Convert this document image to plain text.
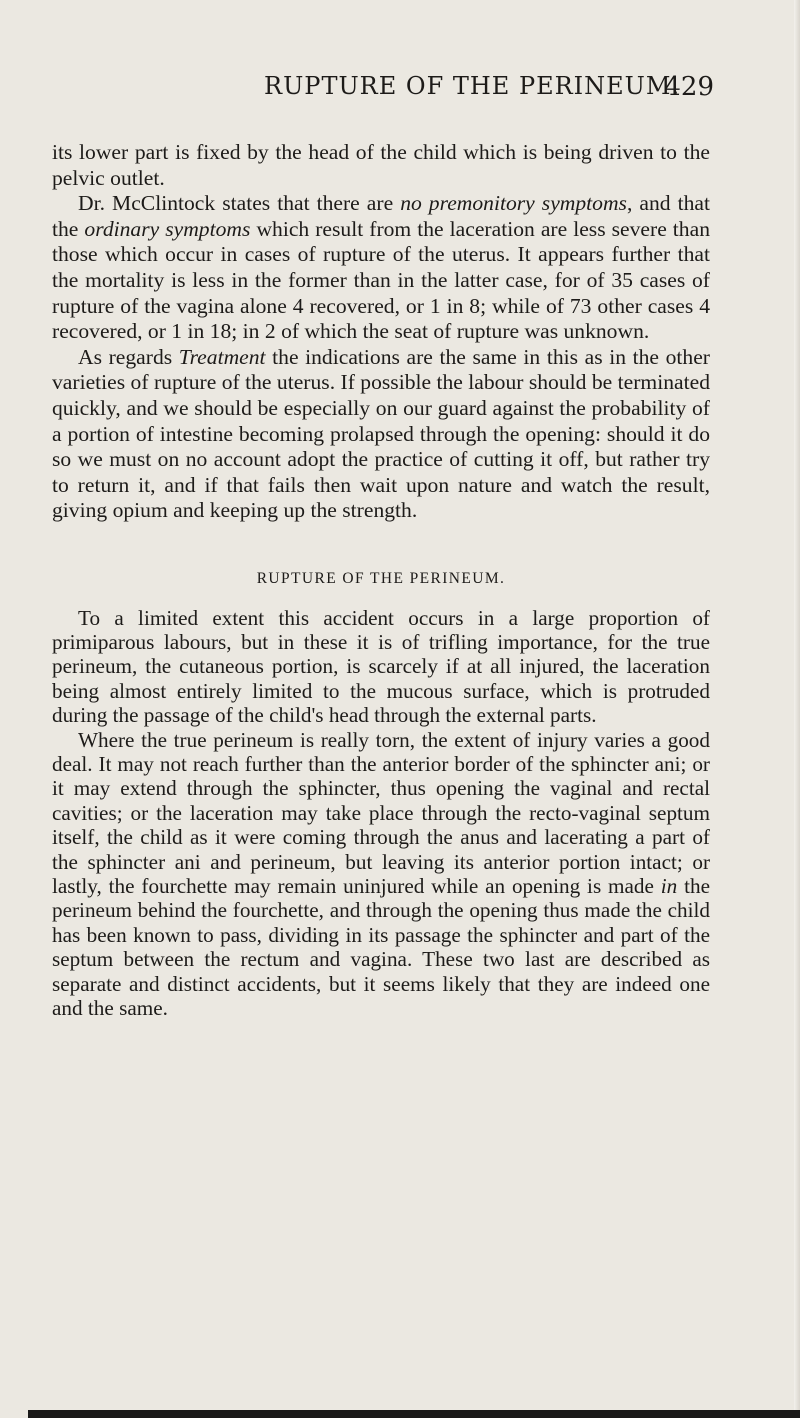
RUPTURE OF THE PERINEUM.
429

its lower part is fixed by the head of the child which is being driven to the pelvic outlet.

Dr. McClintock states that there are no premonitory symptoms, and that the ordinary symptoms which result from the laceration are less severe than those which occur in cases of rupture of the uterus. It appears further that the mortality is less in the former than in the latter case, for of 35 cases of rupture of the vagina alone 4 recovered, or 1 in 8; while of 73 other cases 4 recovered, or 1 in 18; in 2 of which the seat of rupture was unknown.

As regards Treatment the indications are the same in this as in the other varieties of rupture of the uterus. If possible the labour should be terminated quickly, and we should be especially on our guard against the probability of a portion of intestine becoming prolapsed through the opening: should it do so we must on no account adopt the practice of cutting it off, but rather try to return it, and if that fails then wait upon nature and watch the result, giving opium and keeping up the strength.

RUPTURE OF THE PERINEUM.

To a limited extent this accident occurs in a large proportion of primiparous labours, but in these it is of trifling importance, for the true perineum, the cutaneous portion, is scarcely if at all injured, the laceration being almost entirely limited to the mucous surface, which is protruded during the passage of the child's head through the external parts.

Where the true perineum is really torn, the extent of injury varies a good deal. It may not reach further than the anterior border of the sphincter ani; or it may extend through the sphincter, thus opening the vaginal and rectal cavities; or the laceration may take place through the recto-vaginal septum itself, the child as it were coming through the anus and lacerating a part of the sphincter ani and perineum, but leaving its anterior portion intact; or lastly, the fourchette may remain uninjured while an opening is made in the perineum behind the fourchette, and through the opening thus made the child has been known to pass, dividing in its passage the sphincter and part of the septum between the rectum and vagina. These two last are described as separate and distinct accidents, but it seems likely that they are indeed one and the same.
